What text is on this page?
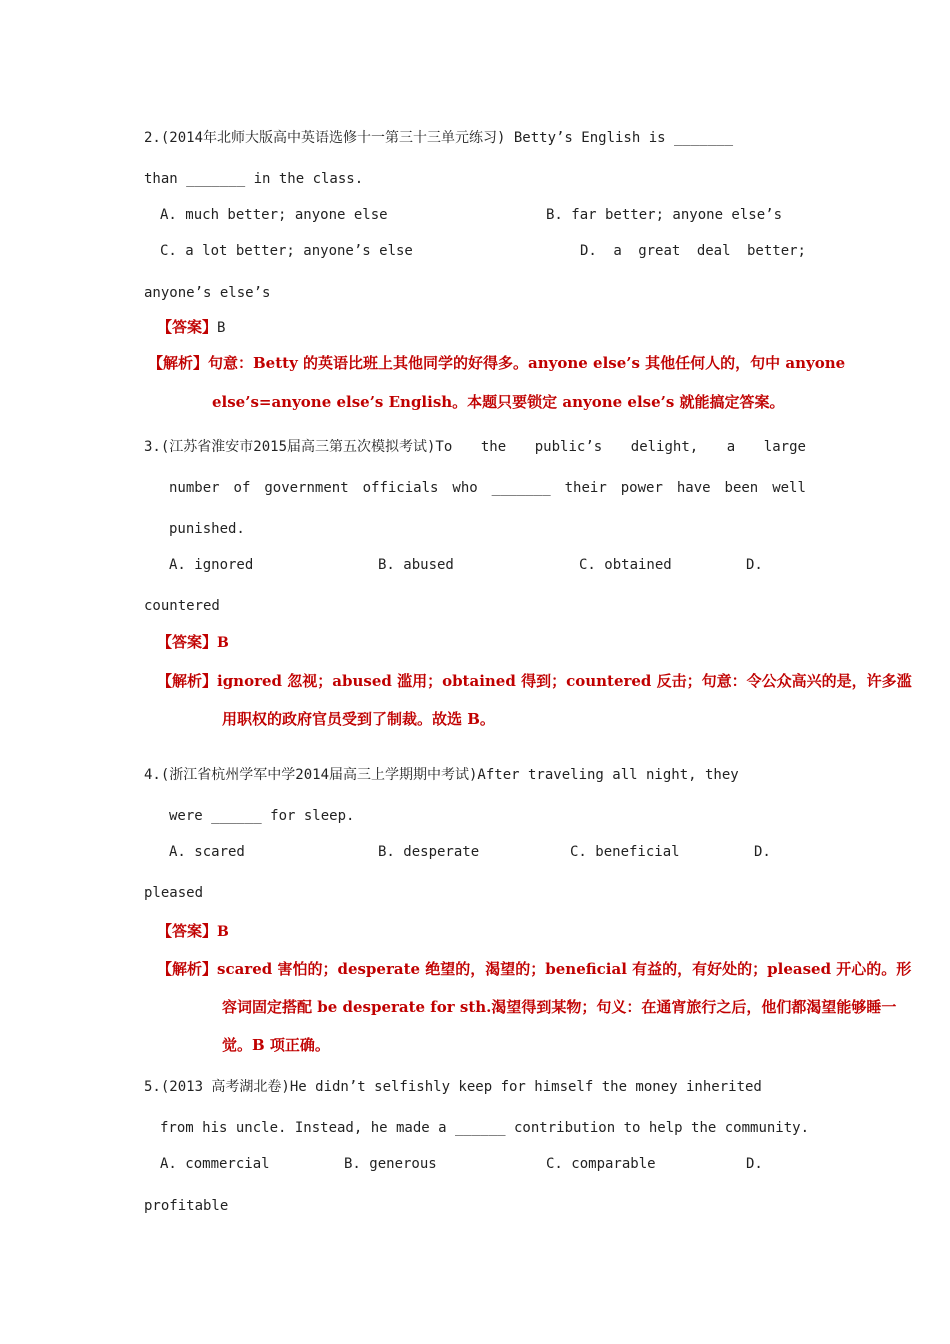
2.(2014年北师大版高中英语选修十一第三十三单元练习) Betty’s English is _______
than _______ in the class.
A. much better; anyone else	B. far better; anyone else’s
C. a lot better; anyone’s else	D. a great deal better;
anyone’s else’s
【答案】B
【解析】句意：Betty 的英语比班上其他同学的好得多。anyone else’s 其他任何人的，句中 anyone
else’s=anyone else’s English。本题只要锁定 anyone else’s 就能搞定答案。
3.(江苏省淮安市2015届高三第五次模拟考试)To the public’s delight, a large
number of government officials who _______ their power have been well
punished.
A. ignored	B. abused	C. obtained	D.
countered
【答案】B
【解析】ignored 忽视；abused 滥用；obtained 得到；countered 反击；句意：令公众高兴的是，许多滥
用职权的政府官员受到了制裁。故选 B。
4.(浙江省杭州学军中学2014届高三上学期期中考试)After traveling all night, they
were ______ for sleep.
A. scared	B. desperate	C. beneficial	D.
pleased
【答案】B
【解析】scared 害怕的；desperate 绝望的，渴望的；beneficial 有益的，有好处的；pleased 开心的。形
容词固定搭配 be desperate for sth.渴望得到某物；句义：在通宵旅行之后，他们都渴望能够睡一
觉。B 项正确。
5.(2013 高考湖北卷)He didn’t selfishly keep for himself the money inherited
from his uncle. Instead, he made a ______ contribution to help the community.
A. commercial	B. generous	C. comparable	D.
profitable
